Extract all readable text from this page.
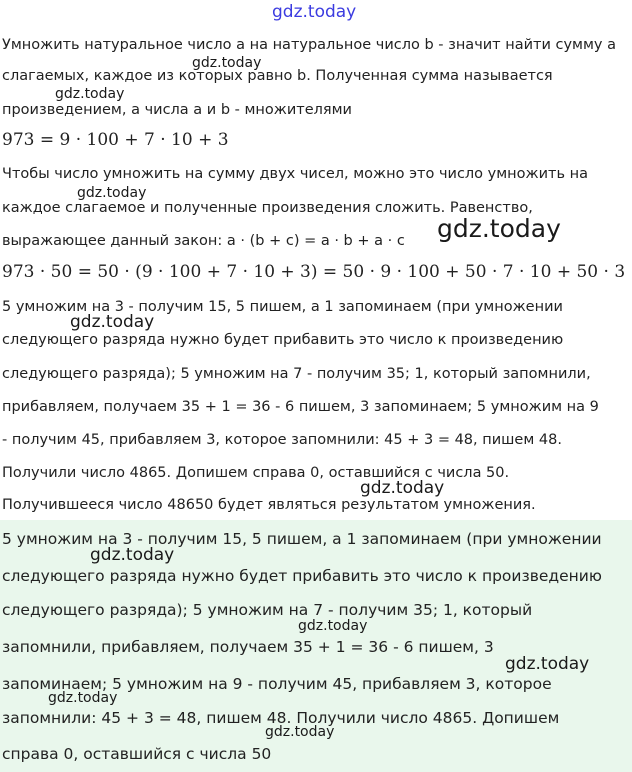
gdz.today
gdz.today
gdz.today
gdz.today
gdz.today
gdz.today
gdz.today
Умножить натуральное число a на натуральное число b - значит найти сумму a
слагаемых, каждое из которых равно b. Полученная сумма называется
произведением, а числа a и b - множителями
973 = 9 · 100 + 7 · 10 + 3
Чтобы число умножить на сумму двух чисел, можно это число умножить на
каждое слагаемое и полученные произведения сложить. Равенство,
выражающее данный закон: a · (b + c) = a · b + a · c
973 · 50 = 50 · (9 · 100 + 7 · 10 + 3) = 50 · 9 · 100 + 50 · 7 · 10 + 50 · 3
5 умножим на 3 - получим 15, 5 пишем, а 1 запоминаем (при умножении
следующего разряда нужно будет прибавить это число к произведению
следующего разряда); 5 умножим на 7 - получим 35; 1, который запомнили,
прибавляем, получаем 35 + 1 = 36 - 6 пишем, 3 запоминаем; 5 умножим на 9
- получим 45, прибавляем 3, которое запомнили: 45 + 3 = 48, пишем 48.
Получили число 4865. Допишем справа 0, оставшийся с числа 50.
Получившееся число 48650 будет являться результатом умножения.
gdz.today
gdz.today
gdz.today
gdz.today
gdz.today
5 умножим на 3 - получим 15, 5 пишем, а 1 запоминаем (при умножении
следующего разряда нужно будет прибавить это число к произведению
следующего разряда); 5 умножим на 7 - получим 35; 1, который
запомнили, прибавляем, получаем 35 + 1 = 36 - 6 пишем, 3
запоминаем; 5 умножим на 9 - получим 45, прибавляем 3, которое
запомнили: 45 + 3 = 48, пишем 48. Получили число 4865. Допишем
справа 0, оставшийся с числа 50
